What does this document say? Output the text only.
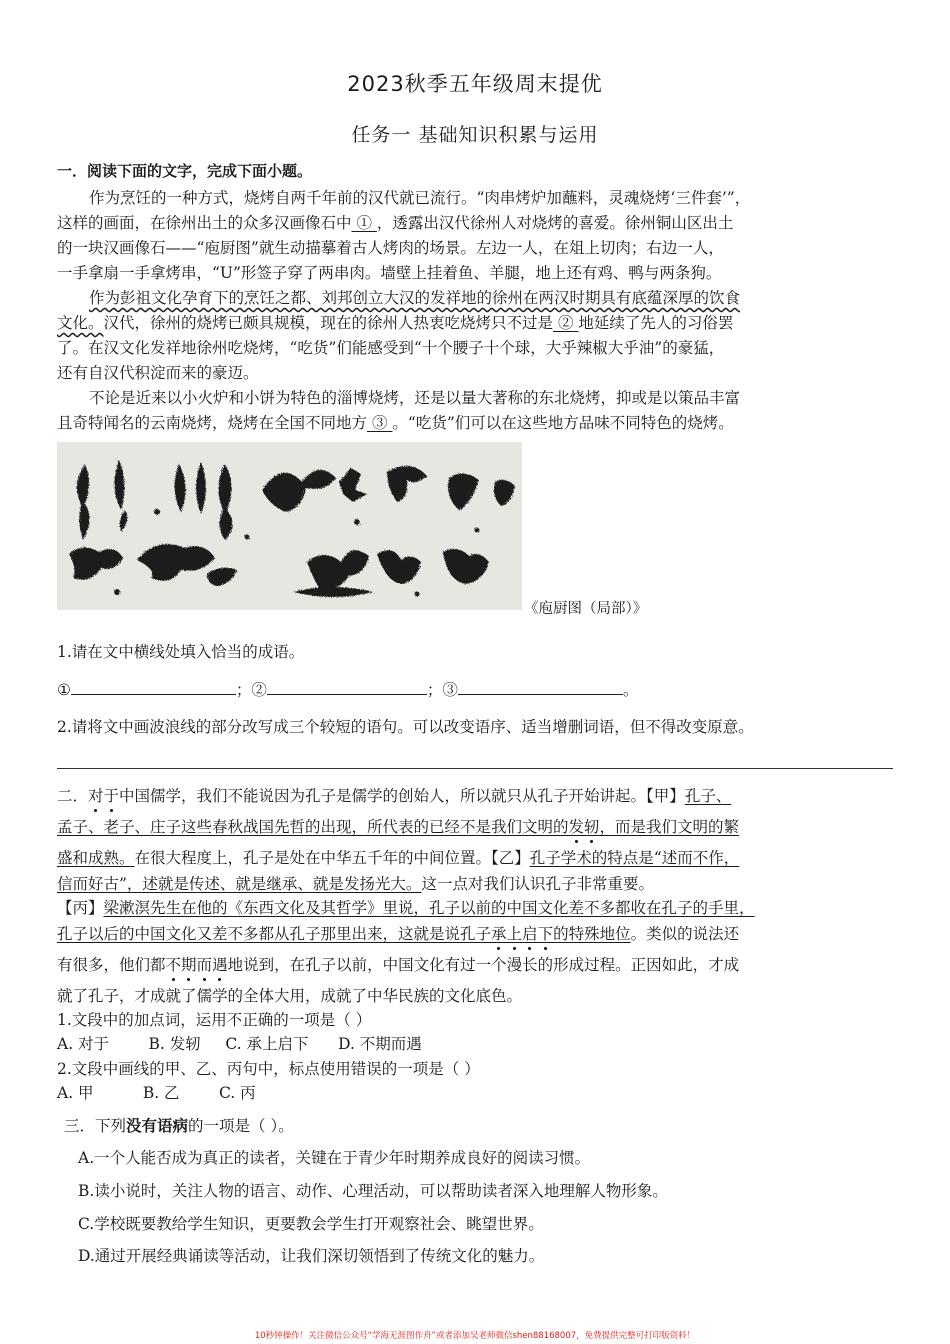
2023秋季五年级周末提优
任务一 基础知识积累与运用
一．阅读下面的文字，完成下面小题。
作为烹饪的一种方式，烧烤自两千年前的汉代就已流行。“肉串烤炉加蘸料，灵魂烧烤‘三件套’”，
这样的画面，在徐州出土的众多汉画像石中 ① ，透露出汉代徐州人对烧烤的喜爱。徐州铜山区出土
的一块汉画像石——“庖厨图”就生动描摹着古人烤肉的场景。左边一人，在俎上切肉；右边一人，
一手拿扇一手拿烤串，“U”形签子穿了两串肉。墙壁上挂着鱼、羊腿，地上还有鸡、鸭与两条狗。
作为彭祖文化孕育下的烹饪之都、刘邦创立大汉的发祥地的徐州在两汉时期具有底蕴深厚的饮食
文化。汉代，徐州的烧烤已颇具规模，现在的徐州人热衷吃烧烤只不过是 ② 地延续了先人的习俗罢
了。在汉文化发祥地徐州吃烧烤，“吃货”们能感受到“十个腰子十个球，大乎辣椒大乎油”的豪猛，
还有自汉代积淀而来的豪迈。
不论是近来以小火炉和小饼为特色的淄博烧烤，还是以量大著称的东北烧烤，抑或是以策品丰富
且奇特闻名的云南烧烤，烧烤在全国不同地方 ③ 。“吃货”们可以在这些地方品味不同特色的烧烤。
《庖厨图（局部）》
1.请在文中横线处填入恰当的成语。
①	；②	；③	。
2.请将文中画波浪线的部分改写成三个较短的语句。可以改变语序、适当增删词语，但不得改变原意。
二．对于中国儒学，我们不能说因为孔子是儒学的创始人，所以就只从孔子开始讲起。【甲】孔子、
孟子、老子、庄子这些春秋战国先哲的出现，所代表的已经不是我们文明的发轫，而是我们文明的繁
盛和成熟。在很大程度上，孔子是处在中华五千年的中间位置。【乙】孔子学术的特点是“述而不作，
信而好古”，述就是传述、就是继承、就是发扬光大。这一点对我们认识孔子非常重要。
【丙】梁漱溟先生在他的《东西文化及其哲学》里说，孔子以前的中国文化差不多都收在孔子的手里，
孔子以后的中国文化又差不多都从孔子那里出来，这就是说孔子承上启下的特殊地位。类似的说法还
有很多，他们都不期而遇地说到，在孔子以前，中国文化有过一个漫长的形成过程。正因如此，才成
就了孔子，才成就了儒学的全体大用，成就了中华民族的文化底色。
1.文段中的加点词，运用不正确的一项是（ ）
A. 对于        B. 发轫     C. 承上启下      D. 不期而遇
2.文段中画线的甲、乙、丙句中，标点使用错误的一项是（ ）
A. 甲          B. 乙        C. 丙
三．下列没有语病的一项是（ ）。
A.一个人能否成为真正的读者，关键在于青少年时期养成良好的阅读习惯。
B.读小说时，关注人物的语言、动作、心理活动，可以帮助读者深入地理解人物形象。
C.学校既要教给学生知识，更要教会学生打开观察社会、眺望世界。
D.通过开展经典诵读等活动，让我们深切领悟到了传统文化的魅力。
10秒钟操作！关注微信公众号“学海无涯图作舟”或者添加吴老师微信shen88168007，免费提供完整可打印版资料！
